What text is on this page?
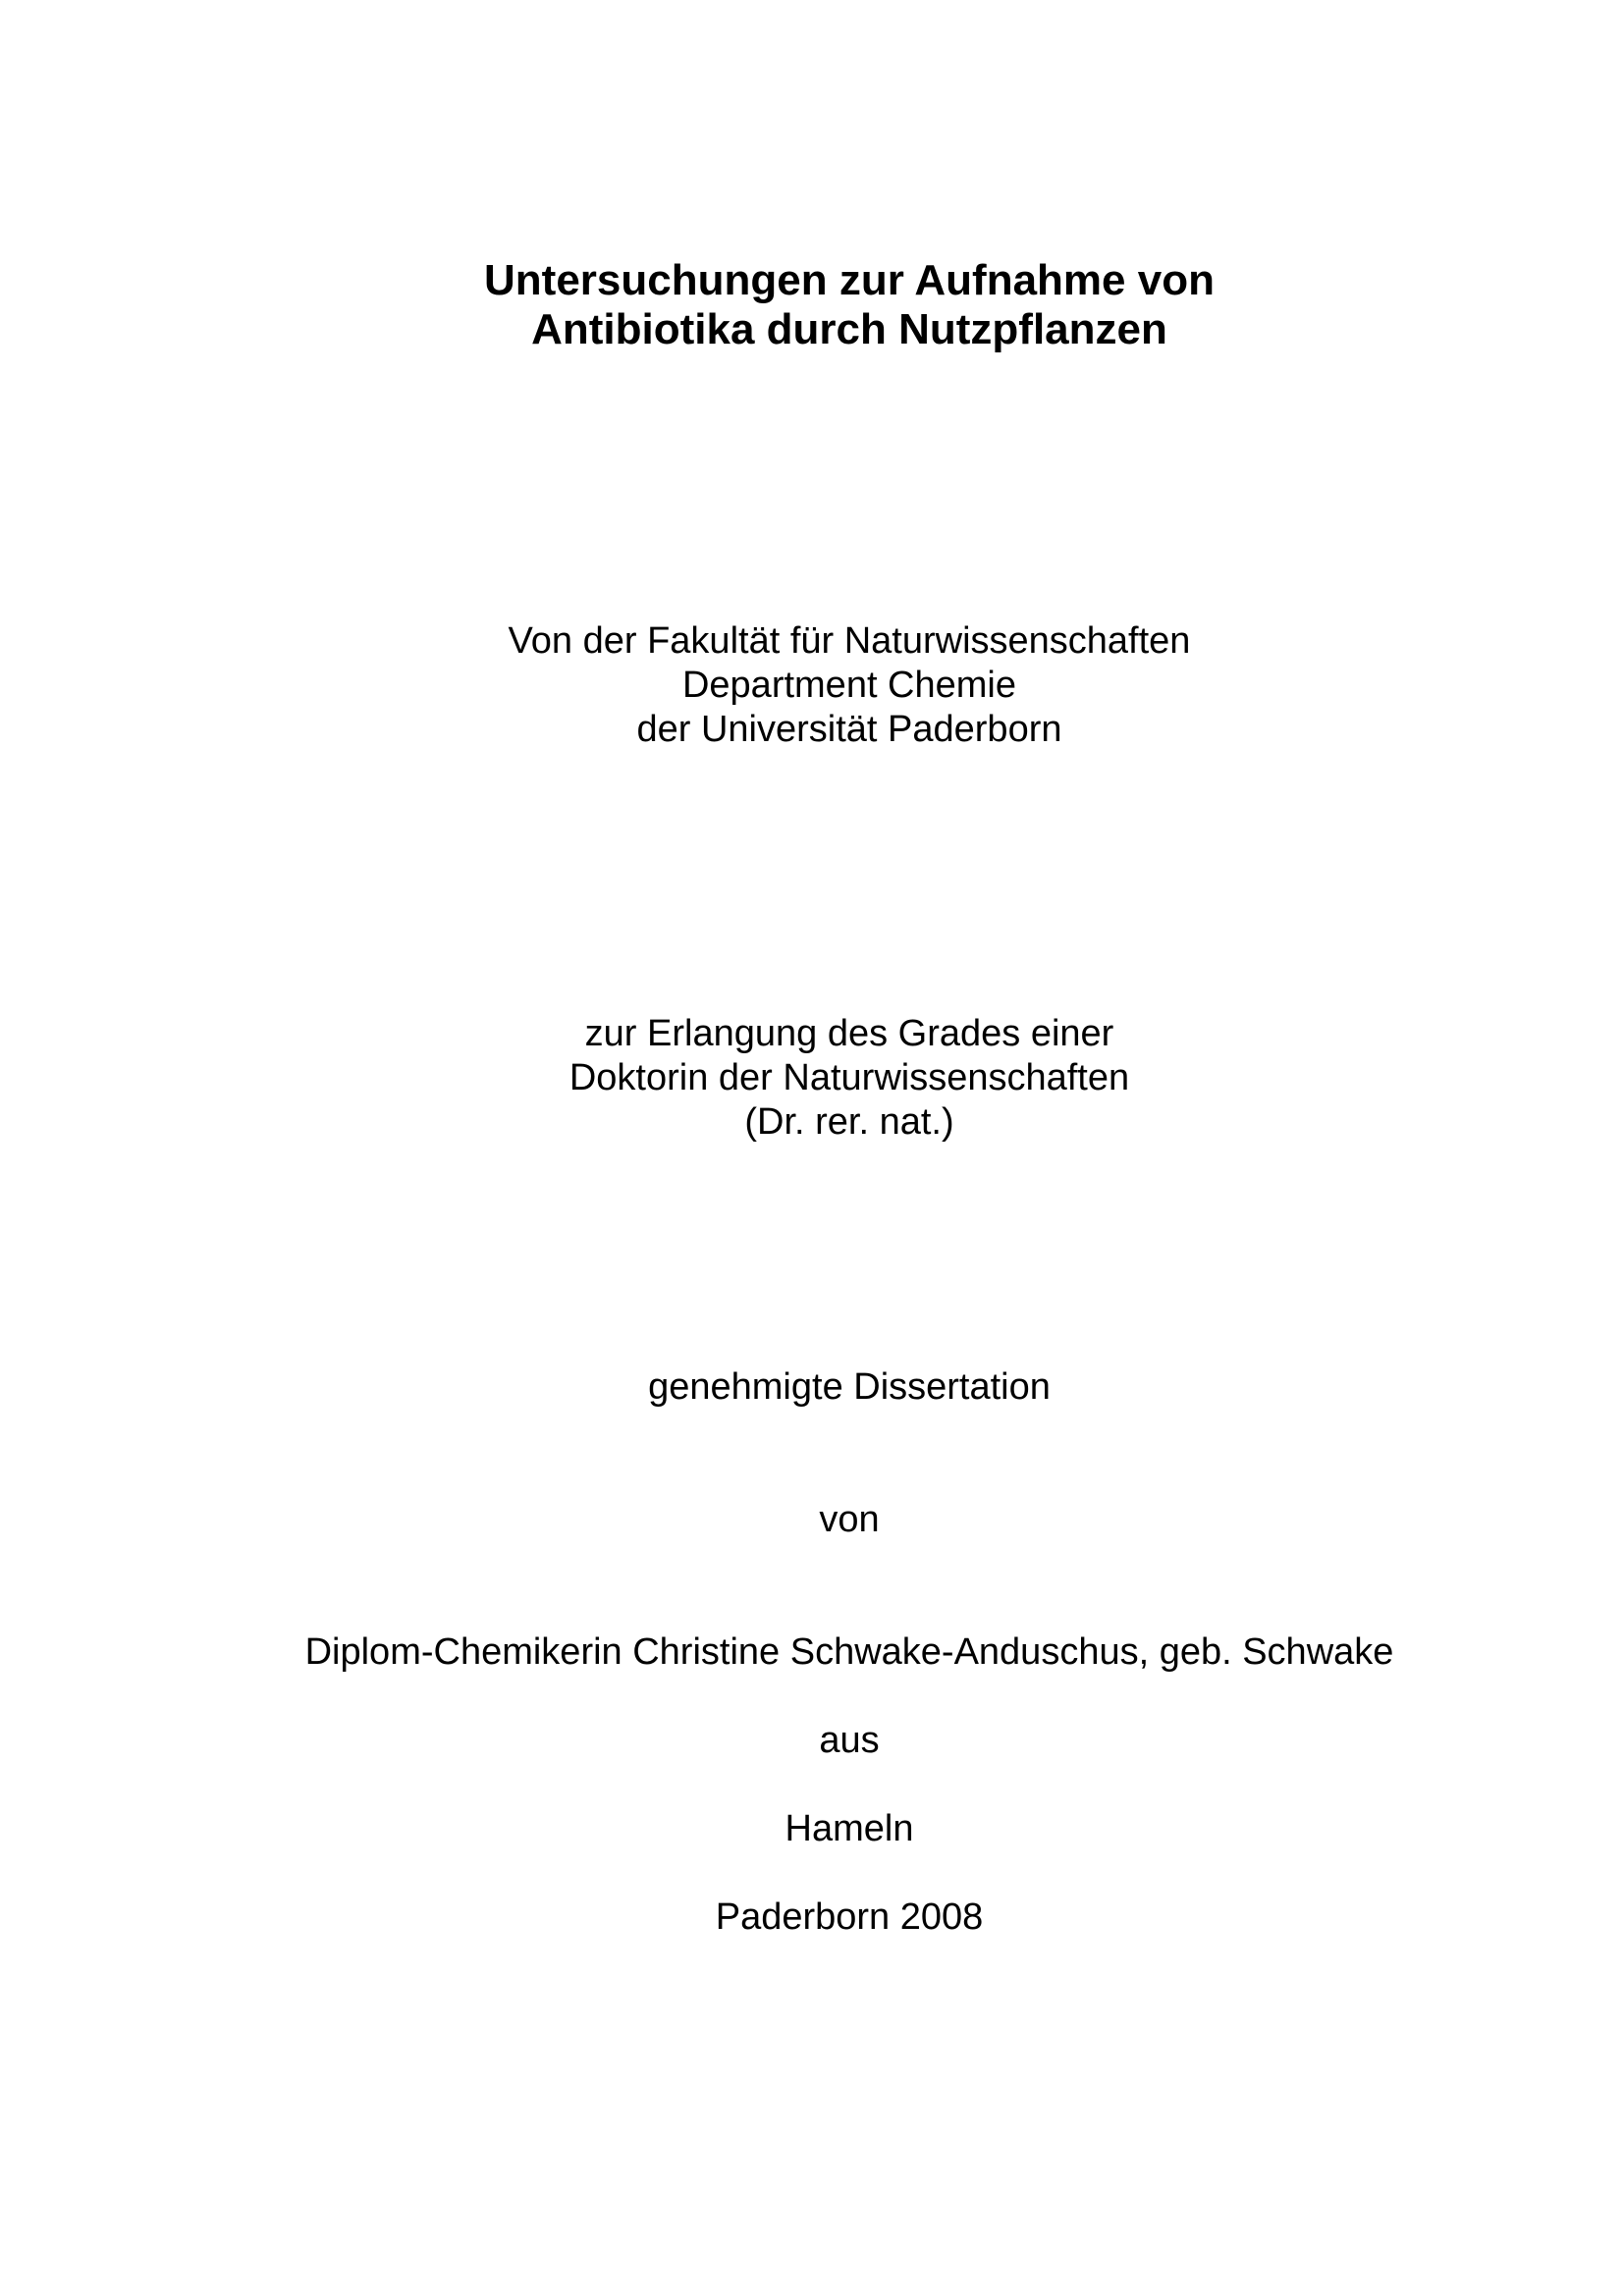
Untersuchungen zur Aufnahme von
Antibiotika durch Nutzpflanzen
Von der Fakultät für Naturwissenschaften
Department Chemie
der Universität Paderborn
zur Erlangung des Grades einer
Doktorin der Naturwissenschaften
(Dr. rer. nat.)
genehmigte Dissertation
von
Diplom-Chemikerin Christine Schwake-Anduschus, geb. Schwake
aus
Hameln
Paderborn 2008
